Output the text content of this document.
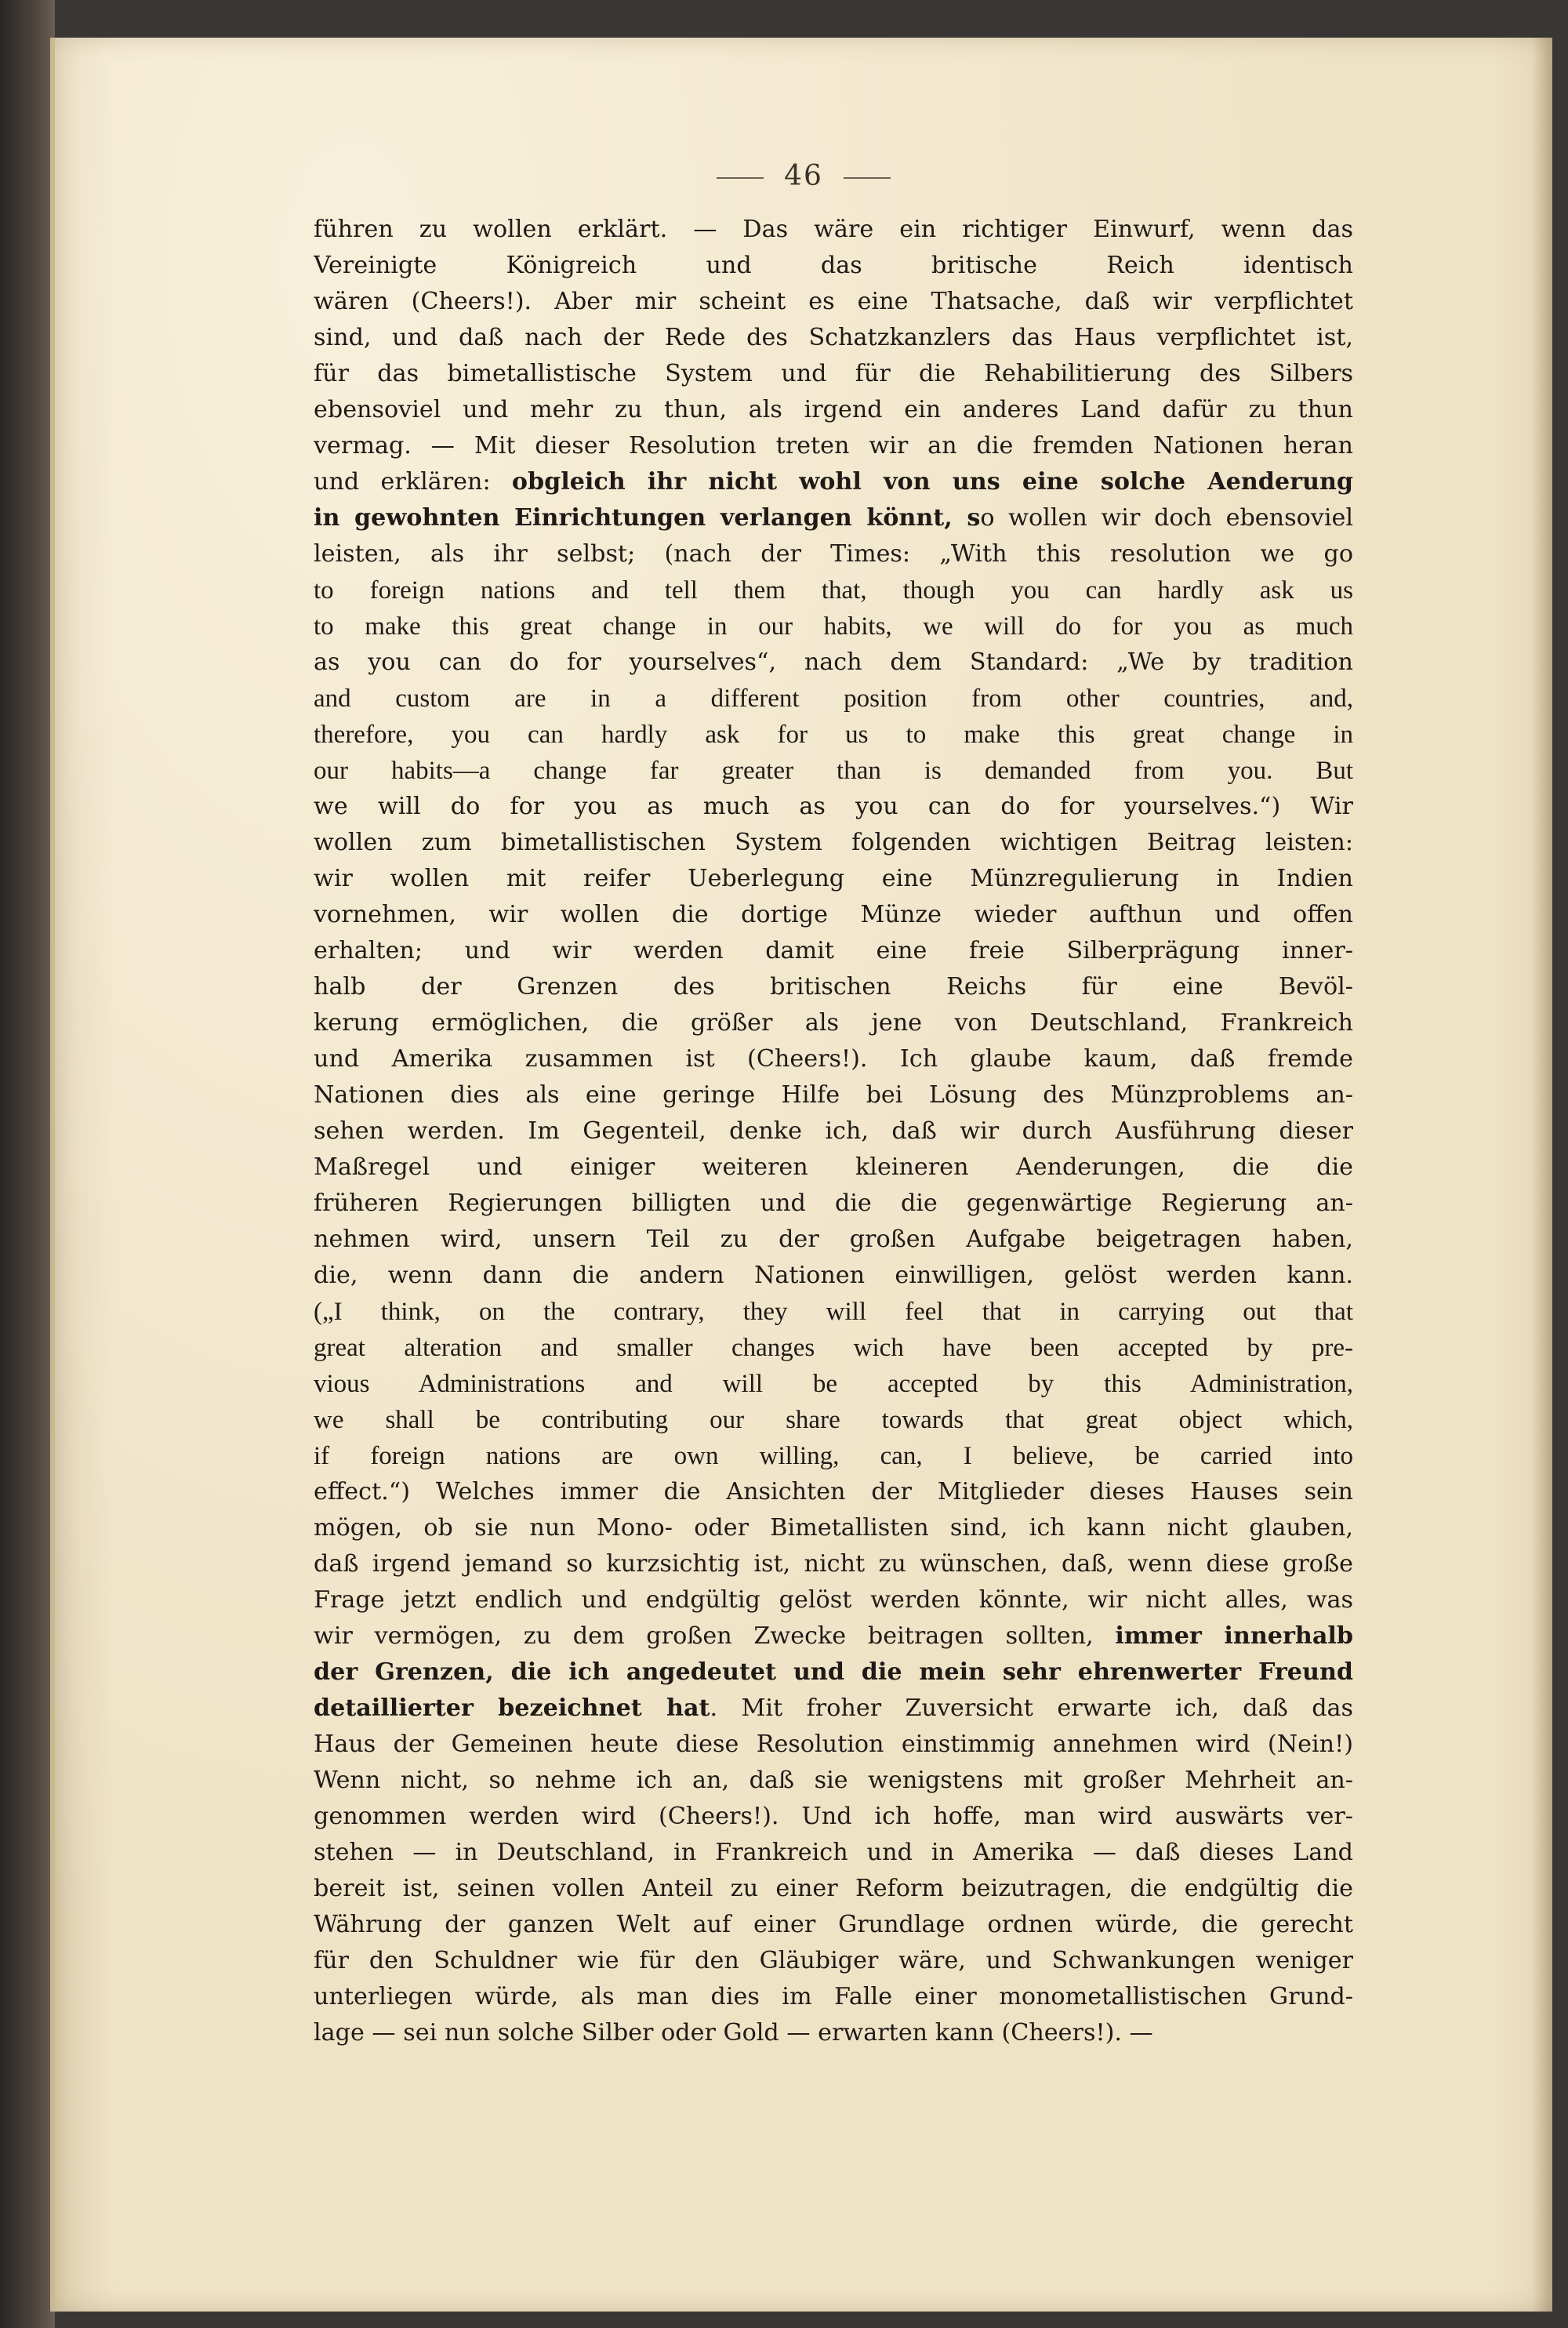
46
führen zu wollen erklärt. — Das wäre ein richtiger Einwurf, wenn das
Vereinigte Königreich und das britische Reich identisch
wären (Cheers!). Aber mir scheint es eine Thatsache, daß wir verpflichtet
sind, und daß nach der Rede des Schatzkanzlers das Haus verpflichtet ist,
für das bimetallistische System und für die Rehabilitierung des Silbers
ebensoviel und mehr zu thun, als irgend ein anderes Land dafür zu thun
vermag. — Mit dieser Resolution treten wir an die fremden Nationen heran
und erklären: obgleich ihr nicht wohl von uns eine solche Aenderung
in gewohnten Einrichtungen verlangen könnt, so wollen wir doch ebensoviel
leisten, als ihr selbst; (nach der Times: „With this resolution we go
to foreign nations and tell them that, though you can hardly ask us
to make this great change in our habits, we will do for you as much
as you can do for yourselves“, nach dem Standard: „We by tradition
and custom are in a different position from other countries, and,
therefore, you can hardly ask for us to make this great change in
our habits—a change far greater than is demanded from you. But
we will do for you as much as you can do for yourselves.“) Wir
wollen zum bimetallistischen System folgenden wichtigen Beitrag leisten:
wir wollen mit reifer Ueberlegung eine Münzregulierung in Indien
vornehmen, wir wollen die dortige Münze wieder aufthun und offen
erhalten; und wir werden damit eine freie Silberprägung inner-
halb der Grenzen des britischen Reichs für eine Bevöl-
kerung ermöglichen, die größer als jene von Deutschland, Frankreich
und Amerika zusammen ist (Cheers!). Ich glaube kaum, daß fremde
Nationen dies als eine geringe Hilfe bei Lösung des Münzproblems an-
sehen werden. Im Gegenteil, denke ich, daß wir durch Ausführung dieser
Maßregel und einiger weiteren kleineren Aenderungen, die die
früheren Regierungen billigten und die die gegenwärtige Regierung an-
nehmen wird, unsern Teil zu der großen Aufgabe beigetragen haben,
die, wenn dann die andern Nationen einwilligen, gelöst werden kann.
(„I think, on the contrary, they will feel that in carrying out that
great alteration and smaller changes wich have been accepted by pre-
vious Administrations and will be accepted by this Administration,
we shall be contributing our share towards that great object which,
if foreign nations are own willing, can, I believe, be carried into
effect.“) Welches immer die Ansichten der Mitglieder dieses Hauses sein
mögen, ob sie nun Mono- oder Bimetallisten sind, ich kann nicht glauben,
daß irgend jemand so kurzsichtig ist, nicht zu wünschen, daß, wenn diese große
Frage jetzt endlich und endgültig gelöst werden könnte, wir nicht alles, was
wir vermögen, zu dem großen Zwecke beitragen sollten, immer innerhalb
der Grenzen, die ich angedeutet und die mein sehr ehrenwerter Freund
detaillierter bezeichnet hat. Mit froher Zuversicht erwarte ich, daß das
Haus der Gemeinen heute diese Resolution einstimmig annehmen wird (Nein!)
Wenn nicht, so nehme ich an, daß sie wenigstens mit großer Mehrheit an-
genommen werden wird (Cheers!). Und ich hoffe, man wird auswärts ver-
stehen — in Deutschland, in Frankreich und in Amerika — daß dieses Land
bereit ist, seinen vollen Anteil zu einer Reform beizutragen, die endgültig die
Währung der ganzen Welt auf einer Grundlage ordnen würde, die gerecht
für den Schuldner wie für den Gläubiger wäre, und Schwankungen weniger
unterliegen würde, als man dies im Falle einer monometallistischen Grund-
lage — sei nun solche Silber oder Gold — erwarten kann (Cheers!). —
